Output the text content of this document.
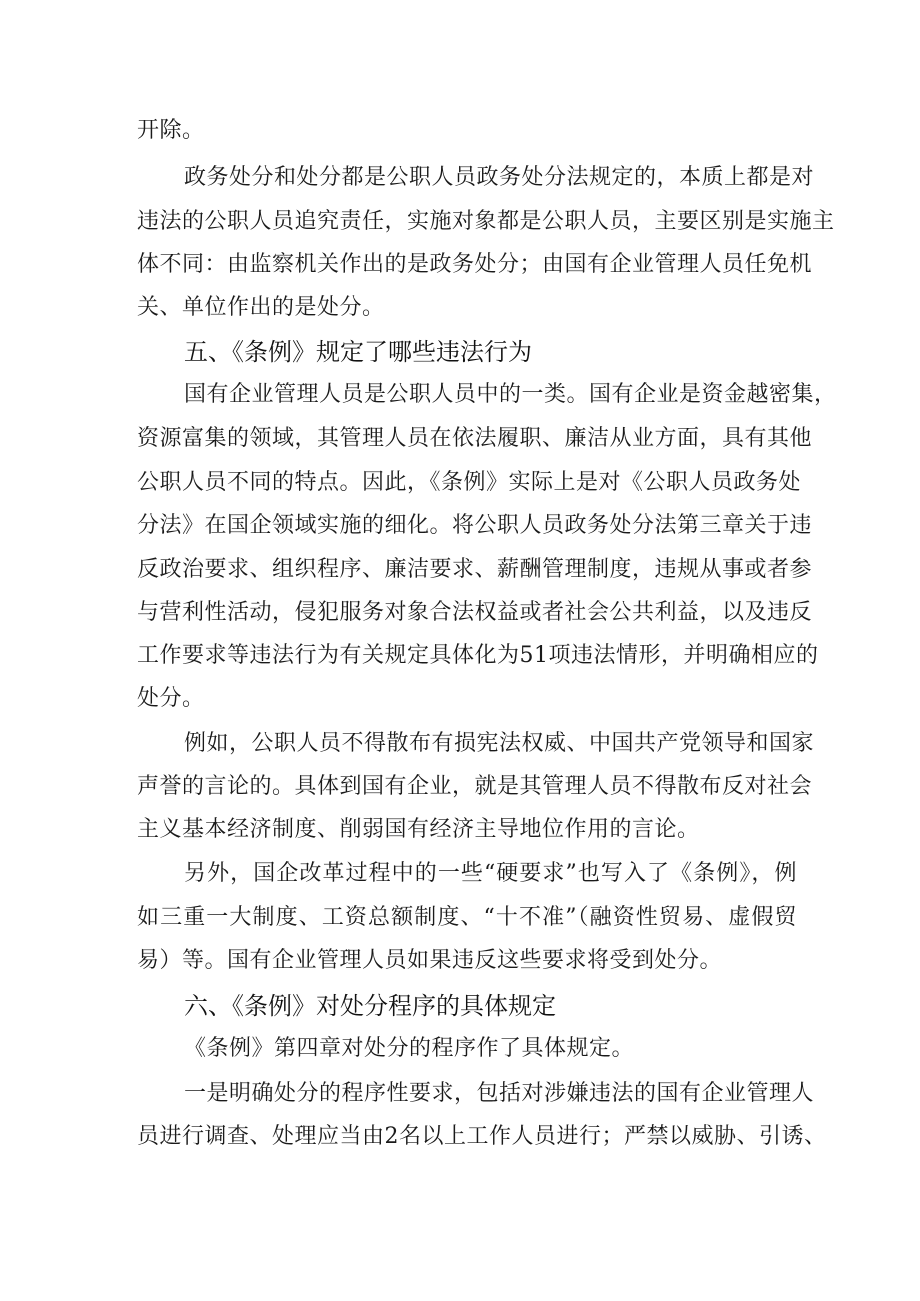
开除。
政务处分和处分都是公职人员政务处分法规定的，本质上都是对
违法的公职人员追究责任，实施对象都是公职人员，主要区别是实施主
体不同：由监察机关作出的是政务处分；由国有企业管理人员任免机
关、单位作出的是处分。
五、《条例》规定了哪些违法行为
国有企业管理人员是公职人员中的一类。国有企业是资金越密集，
资源富集的领域，其管理人员在依法履职、廉洁从业方面，具有其他
公职人员不同的特点。因此，《条例》实际上是对《公职人员政务处
分法》在国企领域实施的细化。将公职人员政务处分法第三章关于违
反政治要求、组织程序、廉洁要求、薪酬管理制度，违规从事或者参
与营利性活动，侵犯服务对象合法权益或者社会公共利益，以及违反
工作要求等违法行为有关规定具体化为51项违法情形，并明确相应的
处分。
例如，公职人员不得散布有损宪法权威、中国共产党领导和国家
声誉的言论的。具体到国有企业，就是其管理人员不得散布反对社会
主义基本经济制度、削弱国有经济主导地位作用的言论。
另外，国企改革过程中的一些“硬要求”也写入了《条例》，例
如三重一大制度、工资总额制度、“十不准”（融资性贸易、虚假贸
易）等。国有企业管理人员如果违反这些要求将受到处分。
六、《条例》对处分程序的具体规定
《条例》第四章对处分的程序作了具体规定。
一是明确处分的程序性要求，包括对涉嫌违法的国有企业管理人
员进行调查、处理应当由2名以上工作人员进行；严禁以威胁、引诱、
